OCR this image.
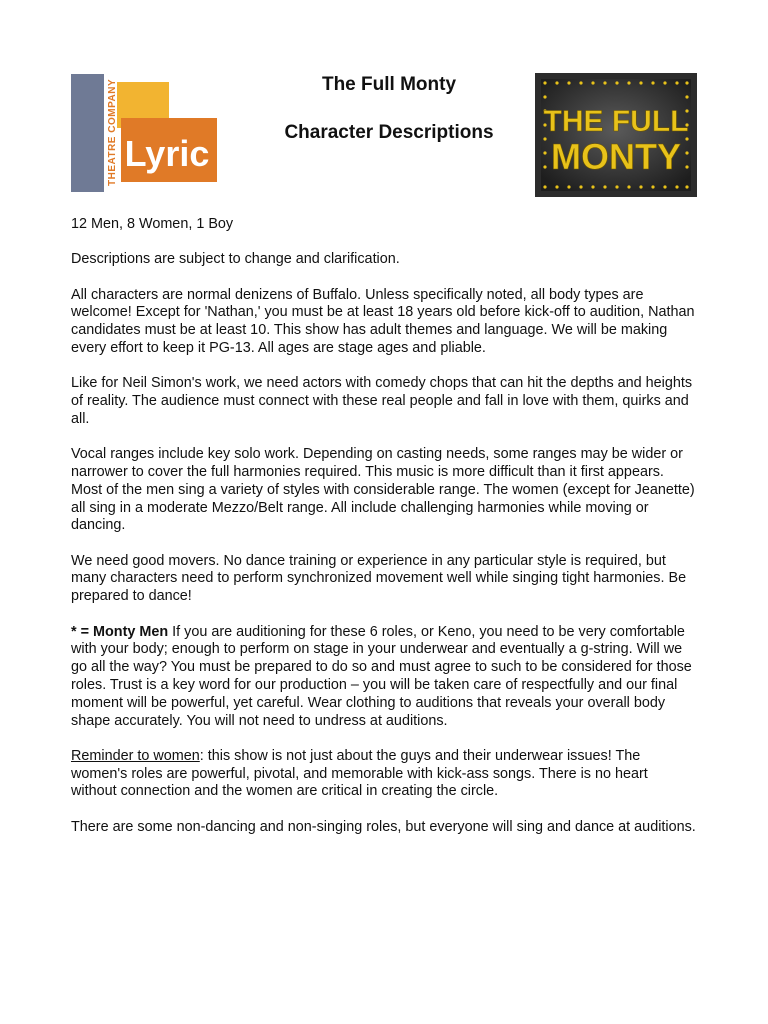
THEATRE COMPANY Lyric

The Full Monty

Character Descriptions	THE FULL
MONTY

12 Men, 8 Women, 1 Boy

Descriptions are subject to change and clarification.

All characters are normal denizens of Buffalo. Unless specifically noted, all body types are welcome! Except for 'Nathan,' you must be at least 18 years old before kick-off to audition, Nathan candidates must be at least 10. This show has adult themes and language. We will be making every effort to keep it PG-13. All ages are stage ages and pliable.

Like for Neil Simon's work, we need actors with comedy chops that can hit the depths and heights of reality. The audience must connect with these real people and fall in love with them, quirks and all.

Vocal ranges include key solo work. Depending on casting needs, some ranges may be wider or narrower to cover the full harmonies required. This music is more difficult than it first appears. Most of the men sing a variety of styles with considerable range. The women (except for Jeanette) all sing in a moderate Mezzo/Belt range. All include challenging harmonies while moving or dancing.

We need good movers. No dance training or experience in any particular style is required, but many characters need to perform synchronized movement well while singing tight harmonies. Be prepared to dance!

* = Monty Men If you are auditioning for these 6 roles, or Keno, you need to be very comfortable with your body; enough to perform on stage in your underwear and eventually a g-string. Will we go all the way? You must be prepared to do so and must agree to such to be considered for those roles. Trust is a key word for our production – you will be taken care of respectfully and our final moment will be powerful, yet careful. Wear clothing to auditions that reveals your overall body shape accurately. You will not need to undress at auditions.

Reminder to women: this show is not just about the guys and their underwear issues! The women's roles are powerful, pivotal, and memorable with kick-ass songs. There is no heart without connection and the women are critical in creating the circle.

There are some non-dancing and non-singing roles, but everyone will sing and dance at auditions.
